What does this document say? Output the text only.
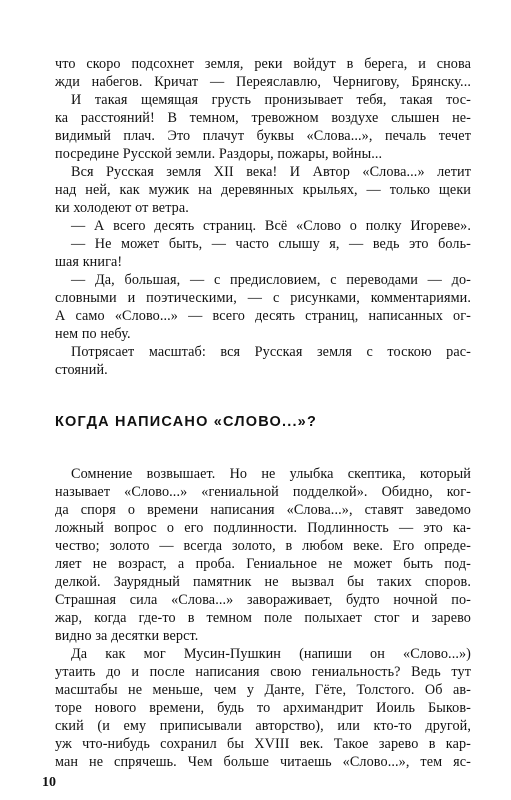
что скоро подсохнет земля, реки войдут в берега, и снова
жди набегов. Кричат — Переяславлю, Чернигову, Брянску...
И такая щемящая грусть пронизывает тебя, такая тос-
ка расстояний! В темном, тревожном воздухе слышен не-
видимый плач. Это плачут буквы «Слова...», печаль течет
посредине Русской земли. Раздоры, пожары, войны...
Вся Русская земля XII века! И Автор «Слова...» летит
над ней, как мужик на деревянных крыльях, — только щеки
ки холодеют от ветра.
— А всего десять страниц. Всё «Слово о полку Игореве».
— Не может быть, — часто слышу я, — ведь это боль-
шая книга!
— Да, большая, — с предисловием, с переводами — до-
словными и поэтическими, — с рисунками, комментариями.
А само «Слово...» — всего десять страниц, написанных ог-
нем по небу.
Потрясает масштаб: вся Русская земля с тоскою рас-
стояний.
КОГДА НАПИСАНО «СЛОВО...»?
Сомнение возвышает. Но не улыбка скептика, который
называет «Слово...» «гениальной подделкой». Обидно, ког-
да споря о времени написания «Слова...», ставят заведомо
ложный вопрос о его подлинности. Подлинность — это ка-
чество; золото — всегда золото, в любом веке. Его опреде-
ляет не возраст, а проба. Гениальное не может быть под-
делкой. Заурядный памятник не вызвал бы таких споров.
Страшная сила «Слова...» завораживает, будто ночной по-
жар, когда где-то в темном поле полыхает стог и зарево
видно за десятки верст.
Да как мог Мусин-Пушкин (напиши он «Слово...»)
утаить до и после написания свою гениальность? Ведь тут
масштабы не меньше, чем у Данте, Гёте, Толстого. Об ав-
торе нового времени, будь то архимандрит Иоиль Быков-
ский (и ему приписывали авторство), или кто-то другой,
уж что-нибудь сохранил бы XVIII век. Такое зарево в кар-
ман не спрячешь. Чем больше читаешь «Слово...», тем яс-
10
